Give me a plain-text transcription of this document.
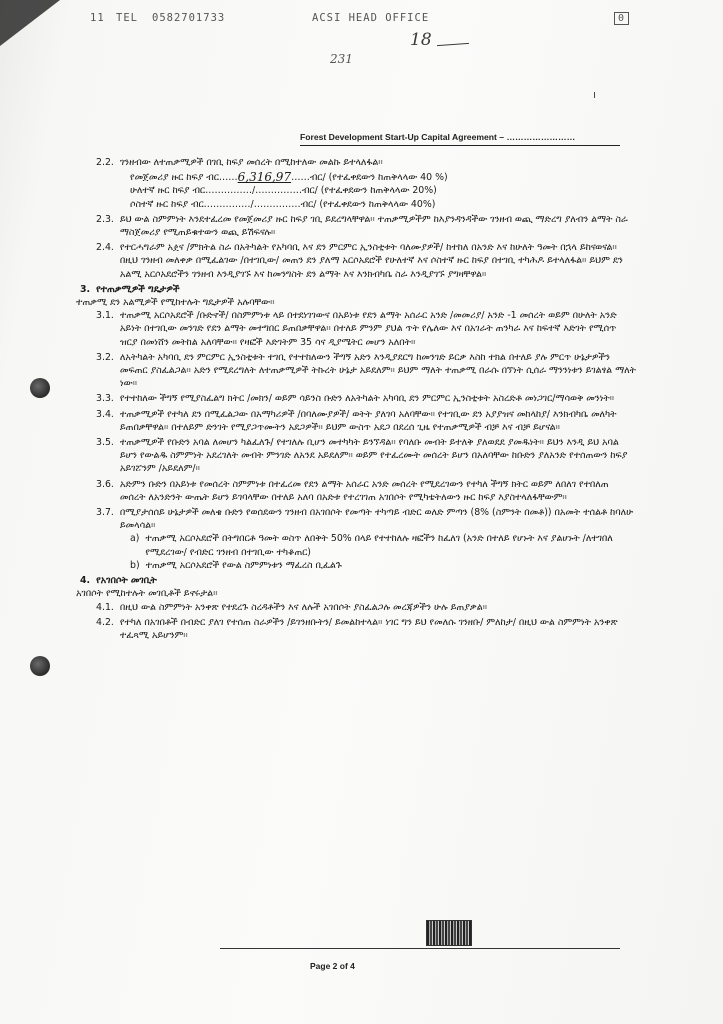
11 TEL 0582701733	ACSI HEAD OFFICE	0
18
231
ı
Forest Development Start-Up Capital Agreement – ……………………
2.2. ገንዘብው ለተጠቃሚዎች በገቢ ከፍያ መሰረት በሚከተለው መልኩ ይተላለፋል።
የመጀመሪያ ዙር ከፍያ ብር…… 6,316,97 ……ብር/ (የተፈቀደውን ከጠቅላላው 40 %)
ሁለተኛ ዙር ከፍያ ብር……………/……………ብር/ (የተፈቀደውን ከጠቅላላው 20%)
ሶስተኛ ዙር ከፍያ ብር……………/……………ብር/ (የተፈቀደውን ከጠቅላላው 40%)
2.3. ይህ ውል ስምምነት እንደተፈረመ የመጀመሪያ ዙር ከፍያ ገቢ ይደረግላቸዋል። ተጠቃሚዎችም ከእያንዳንዳችው ገንዘብ ወጪ ማድረግ ያለብን ልማት ስራ ማስጀመሪያ የሚጠይቁተውን ወጪ ይሽፍናሉ።
2.4. የተርሓግራም አዸና /ምክትል ስራ በአትካልት የአካባቢ እና ደን ምርምር ኢንስቲቱት ባለሙያዎች/ ከተከለ በአንድ እና ከሁለት ዓመት በኋላ ይከናወናል። በዚህ ገንዘብ መለቀቃ በሚፈልገው /በተገቢው/ መጠን ደን ያለማ አርሶአደሮች የሁለተኛ እና ሶስተኛ ዙር ከፍያ በተገቢ ተካሕዶ ይተላለፋል። ይህም ደን አልሚ አርሶአደሮችን ገንዘብ እንዲያገኙ እና ከመንግስት ደን ልማት እና እንክብካቤ ስራ እንዲያገኙ ያግዛቸዋል።
3. የተጠቃሚዎች ግዴታዎች
ተጠቃሚ ደን አልሚዎች የሚከተሉት ግዴታዎች አሉባቸው።
3.1. ተጠቃሚ አርሶአደሮች /ቡድኖች/ በስምምነቱ ላይ በተደነገገውና በአይነቱ የደን ልማት አሰራር አንድ /መመሪያ/ አንድ -1 መሰረት ወይም በሁለት አንድ አይነት በተገቢው መንገድ የደን ልማት መተግበር ይጠበቃቸዋል። በተለይ ምንም ያህል ጥት የሌለው እና በአገራት ጠንካራ እና ከፍተኛ እድገት የሚሰጥ ዝርያ በመነሸን መትከል አለባቸው። የዛፎች እድገትም 35 ሳና ዲያሜትር መሆን አለበት።
3.2. ለአትካልት አካባቢ ደን ምርምር ኢንስቲቱት ተገቢ የተተከለውን ችግኝ አድን እንዲያደርግ ከመንገድ ይርቃ እስከ ተክል በተለይ ያሉ ምርጥ ሁኔታዎችን መፍጠር ያስፈልጋል። አድን የሚደረግለት ለተጠቃሚዎች ትኩረት ሁኔታ አይደለም። ይህም ማለት ተጠቃሚ በራሱ በኘነት ሲሰራ ማንንነቱን ይገልፃል ማለት ነው።
3.3. የተተከለው ችግኝ የሚያስፈልግ ክትር /መክን/ ወይም ሳይንስ ቡድን ለአትካልት አካባቢ ደን ምርምር ኢንስቲቱት አስረድቶ መነጋገር/ማሳወቅ መንነት።
3.4. ተጠቃሚዎች የተካለ ደን በሚፈልጋው በአማካሪዎች /በባለሙያዎች/ ወትት ያለገባ አለባቸው። የተገቢው ደን አያያዝና መከላከያ/ እንክብካቤ መለካት ይጠበቃቸዋል። በተለይም ድንገት የሚያጋጥሙትን አደጋዎች። ይህም ውስጥ አደጋ በደረሰ ጊዜ የተጠቃሚዎች ብቻ እና ብቻ ይሆናል።
3.5. ተጠቃሚዎች የቡድን አባል ለመሆን ካልፈለጉ/ የተገለሉ ቢሆን መተካካት ይንኘዳል። የባለቡ መብት ይተለቅ ያለወደደ ያመዱነት። ይህን እንዲ ይህ አባል ይሆን የውልዱ ስምምነት አደረገለት መብት ምንገድ ለአንደ አይደለም። ወይም የተፈረሙት መሰረት ይሆን በአለባቸው ከቡድን ያለአንድ የተሰጠውን ከፍያ አይገፘንም /አይደለም/።
3.6. አድምን ቡድን በአይነቱ የመሰረት ስምምነቱ በተፈረመ የደን ልማት አሰራር አንድ መሰረት የሚደረገውን የተካለ ችግኝ ክትር ወይም ለበለገ የተበለጠ መሰረት ለአንድንት ውጤት ይሆን ይገባላቸው በተለይ አለባ በአድቱ የተረገገጠ አገበሶት የሚካቴትለውን ዙር ከፍያ እያስተላለፋቸውም።
3.7. በሚያታሰሰይ ሁኔታዎች መለቄ ቡድን የወሰደውን ገንዘብ በአገበሶት የመጣት ተካጣይ ብድር ወለድ ምጣን (8% (ስምንት በመቶ)) በአመት ተሰልቶ ከባለሁ ይመላሳል።
a) ተጠቃሚ አርሶአደሮች በትግበርቶ ዓመት ወስጥ ለበቅት 50% በላይ የተተከለሉ ዛፎችን ከፈለገ (አንድ በተለይ የሆኑት እና ያልሆኑት /ለተገበለ የሚደረገው/ የብድር ገንዘብ በተገቢው ተካቆጠር)
b) ተጠቃሚ አርሶአደሮች የውል ስምምነቱን ማፈረስ ቢፈልጉ
4. የአገበሶት መገቢት
አገበሶት የሚከተሉት መገቢቶች ይኖሩታል።
4.1. በዚህ ውል ስምምነት አንቀጽ የተደረጉ ስረዳቶችን እና ለሉች አገበሶት ያስፈልጋሉ መረጃዎችን ሁሉ ይጠያቃል።
4.2. የተካለ በአገበቶች በብድር ያለገ የተሰጠ ስራዎችን /ይገንዘቡትን/ ይመልከተላል። ነገር ግን ይህ የመለሱ ገንዘቡ/ ምለከታ/ በዚህ ውል ስምምነት አንቀጽ ተፈጻሚ አይሆንም።
Page 2 of 4
